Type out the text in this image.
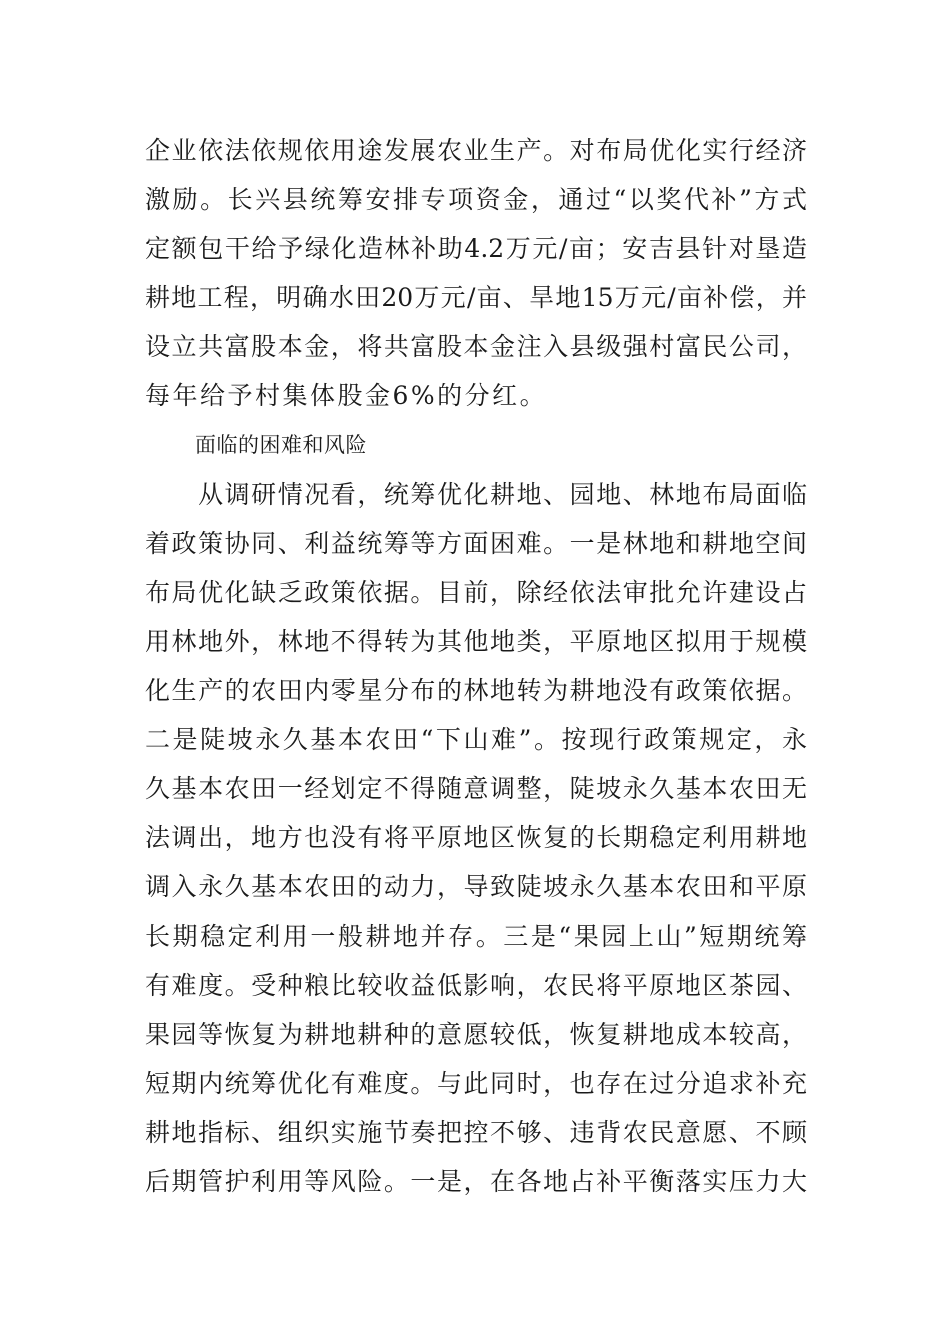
企业依法依规依用途发展农业生产。对布局优化实行经济
激励。长兴县统筹安排专项资金，通过“以奖代补”方式
定额包干给予绿化造林补助4.2万元/亩；安吉县针对垦造
耕地工程，明确水田20万元/亩、旱地15万元/亩补偿，并
设立共富股本金，将共富股本金注入县级强村富民公司，
每年给予村集体股金6%的分红。
面临的困难和风险
　　从调研情况看，统筹优化耕地、园地、林地布局面临
着政策协同、利益统筹等方面困难。一是林地和耕地空间
布局优化缺乏政策依据。目前，除经依法审批允许建设占
用林地外，林地不得转为其他地类，平原地区拟用于规模
化生产的农田内零星分布的林地转为耕地没有政策依据。
二是陡坡永久基本农田“下山难”。按现行政策规定，永
久基本农田一经划定不得随意调整，陡坡永久基本农田无
法调出，地方也没有将平原地区恢复的长期稳定利用耕地
调入永久基本农田的动力，导致陡坡永久基本农田和平原
长期稳定利用一般耕地并存。三是“果园上山”短期统筹
有难度。受种粮比较收益低影响，农民将平原地区茶园、
果园等恢复为耕地耕种的意愿较低，恢复耕地成本较高，
短期内统筹优化有难度。与此同时，也存在过分追求补充
耕地指标、组织实施节奏把控不够、违背农民意愿、不顾
后期管护利用等风险。一是，在各地占补平衡落实压力大
